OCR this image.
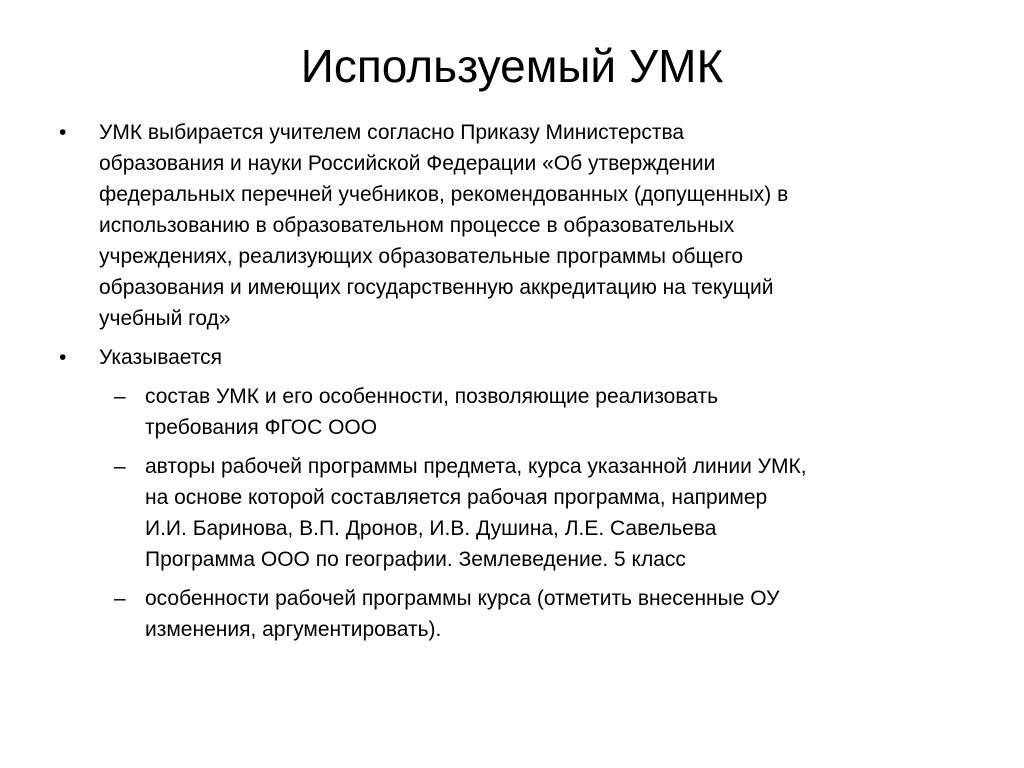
Используемый УМК
• УМК выбирается учителем согласно Приказу Министерства
образования и науки Российской Федерации «Об утверждении
федеральных перечней учебников, рекомендованных (допущенных) в
использованию в образовательном процессе в образовательных
учреждениях, реализующих образовательные программы общего
образования и имеющих государственную аккредитацию на текущий
учебный год»
• Указывается
– состав УМК и его особенности, позволяющие реализовать
требования ФГОС ООО
– авторы рабочей программы предмета, курса указанной линии УМК,
на основе которой составляется рабочая программа, например
И.И. Баринова, В.П. Дронов, И.В. Душина, Л.Е. Савельева
Программа ООО по географии. Землеведение. 5 класс
– особенности рабочей программы курса (отметить внесенные ОУ
изменения, аргументировать).
